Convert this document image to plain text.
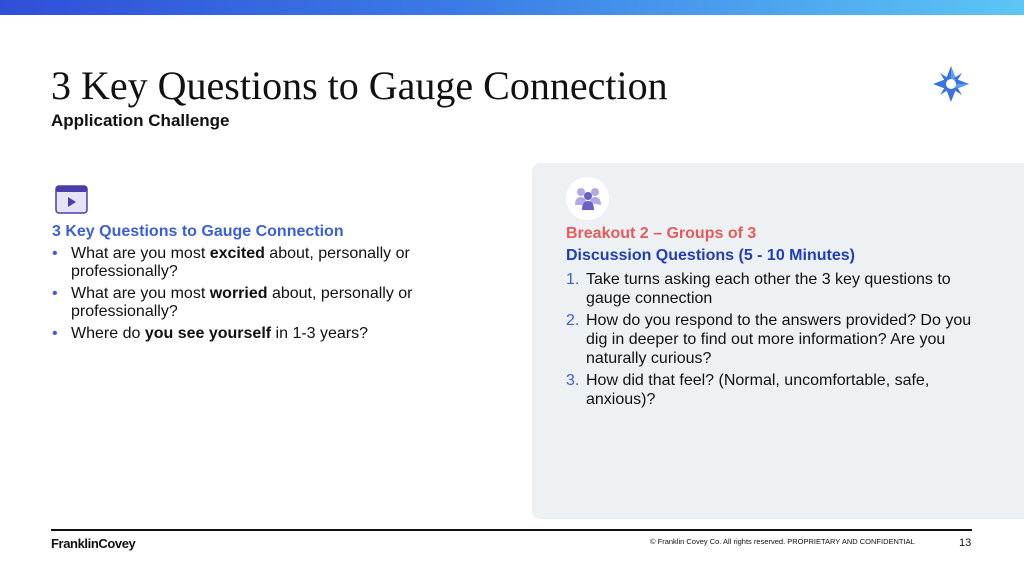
3 Key Questions to Gauge Connection
Application Challenge
3 Key Questions to Gauge Connection
• What are you most excited about, personally or professionally?
• What are you most worried about, personally or professionally?
• Where do you see yourself in 1-3 years?
Breakout 2 – Groups of 3
Discussion Questions (5 - 10 Minutes)
1. Take turns asking each other the 3 key questions to gauge connection
2. How do you respond to the answers provided? Do you dig in deeper to find out more information? Are you naturally curious?
3. How did that feel? (Normal, uncomfortable, safe, anxious)?
FranklinCovey	© Franklin Covey Co. All rights reserved. PROPRIETARY AND CONFIDENTIAL	13
